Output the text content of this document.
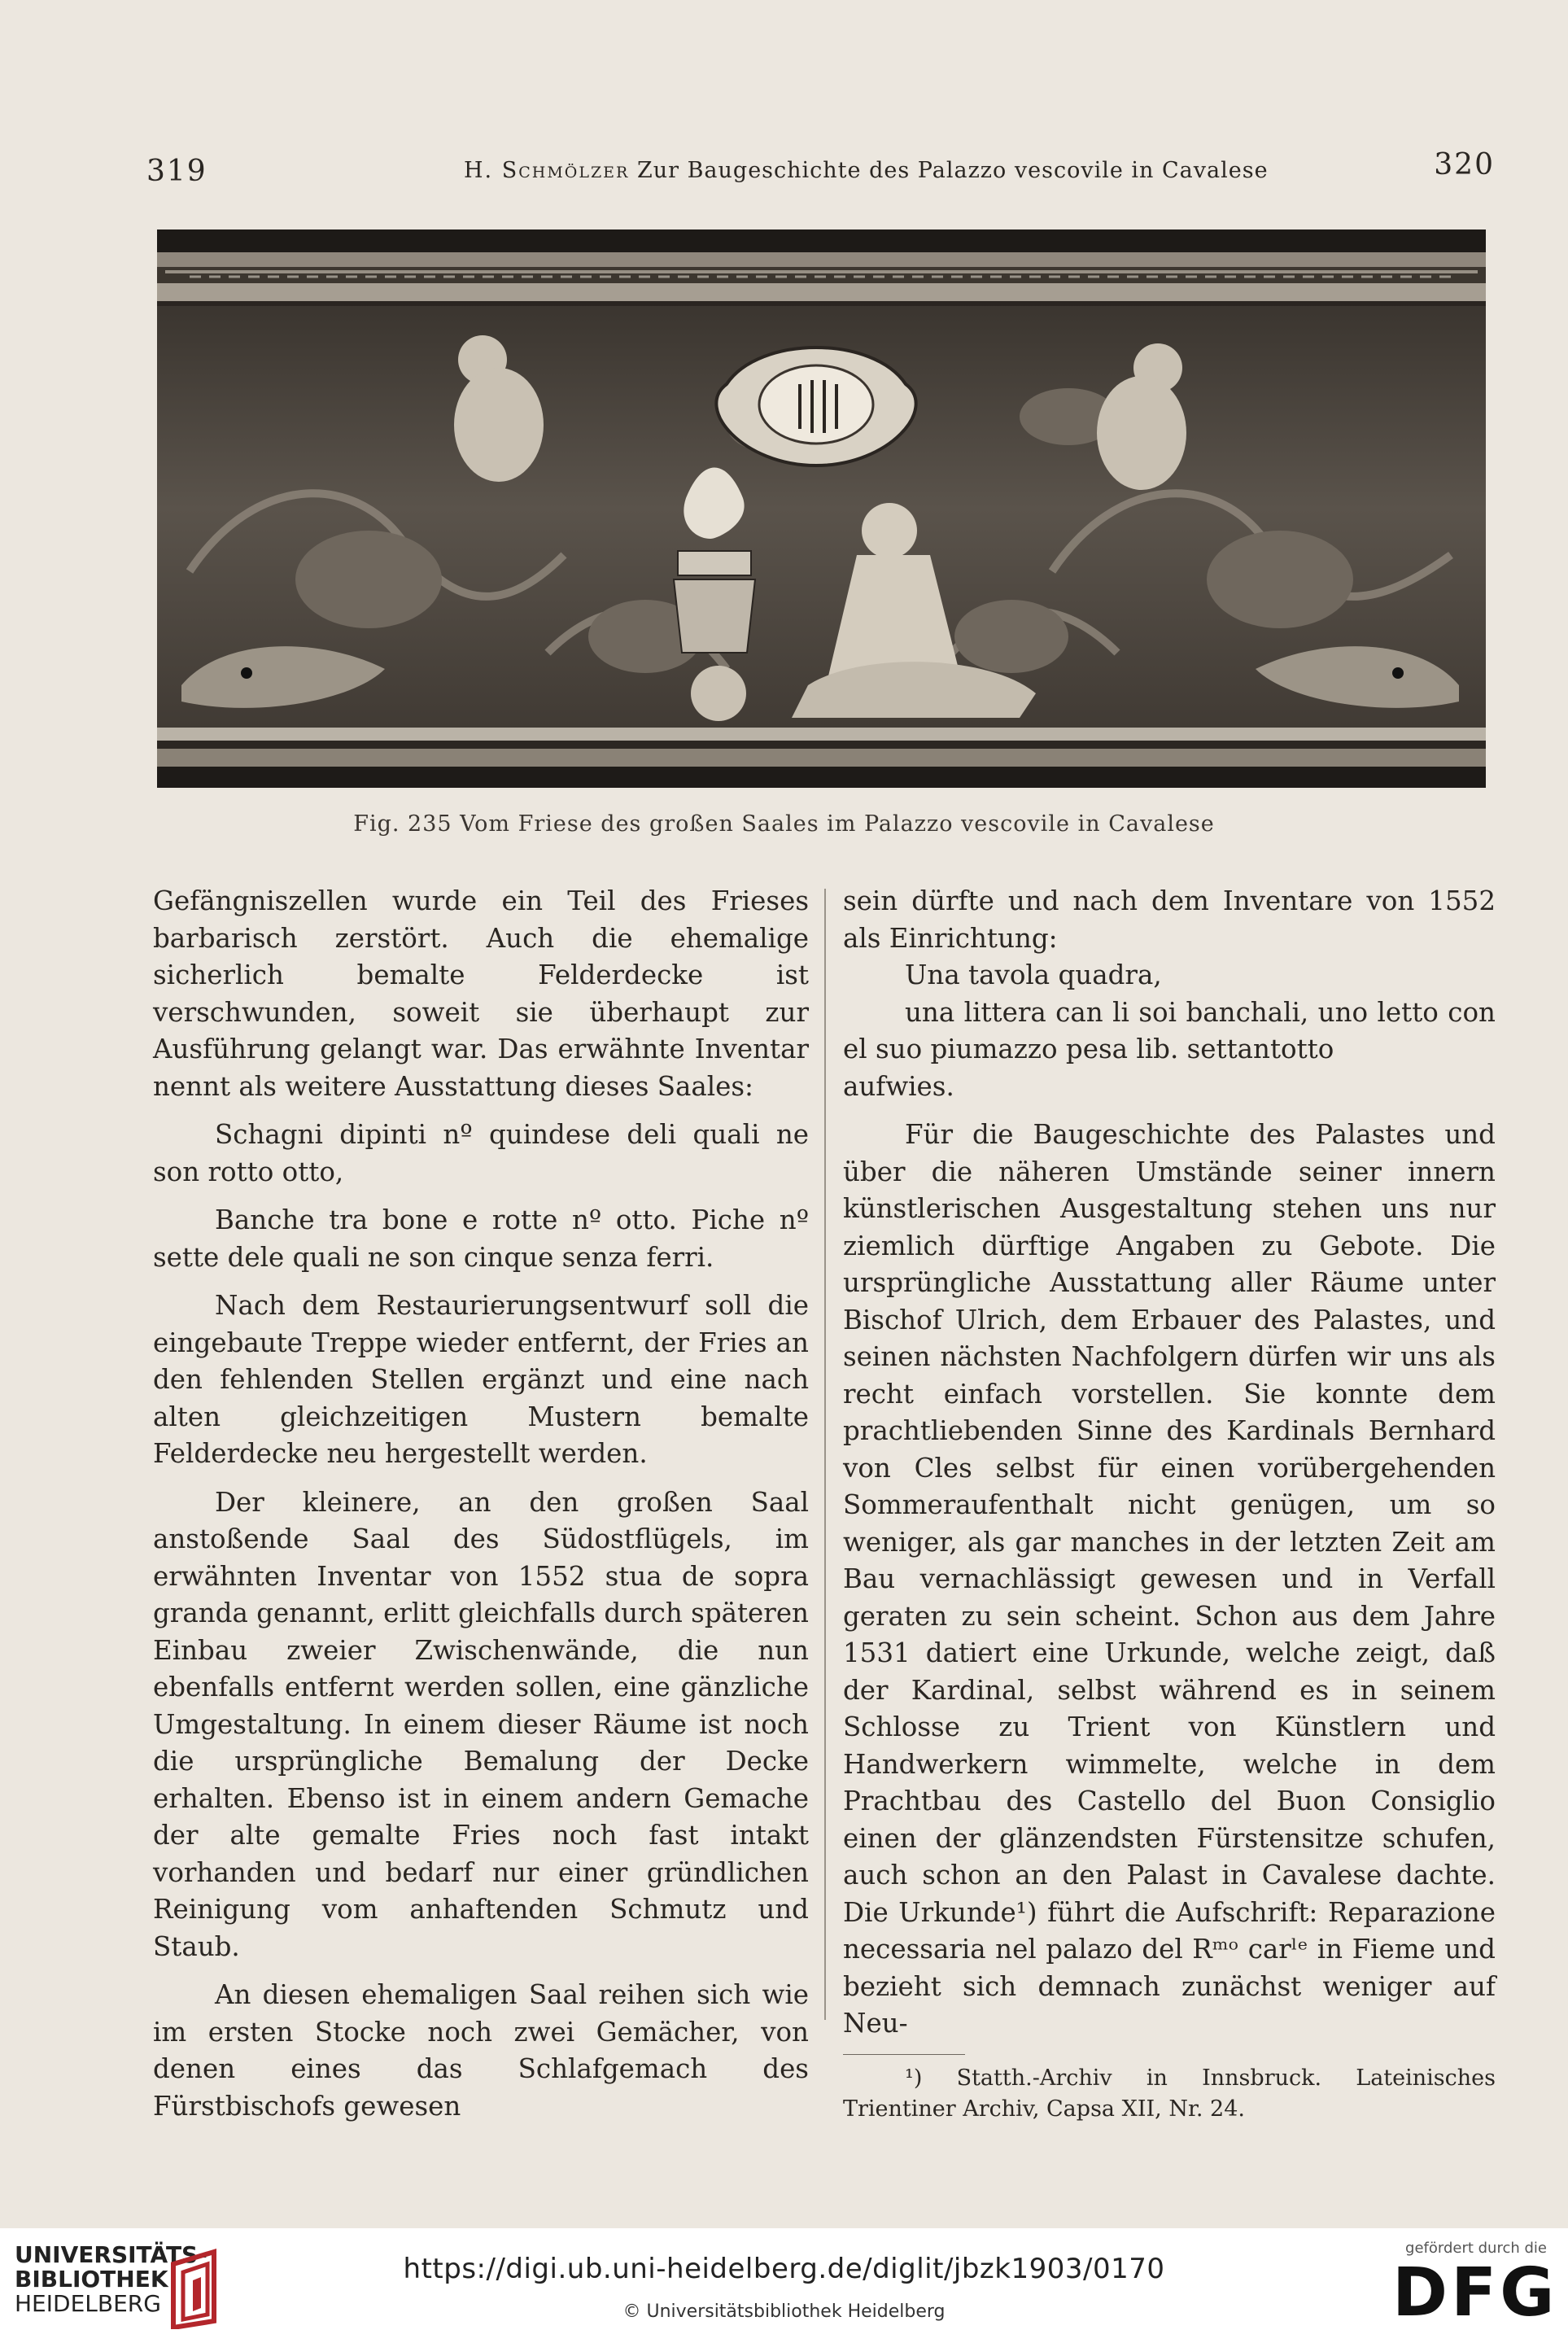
319	H. Schmölzer Zur Baugeschichte des Palazzo vescovile in Cavalese	320
Fig. 235 Vom Friese des großen Saales im Palazzo vescovile in Cavalese

Gefängniszellen wurde ein Teil des Frieses barbarisch zerstört. Auch die ehemalige sicherlich bemalte Felderdecke ist verschwunden, soweit sie überhaupt zur Ausführung gelangt war. Das erwähnte Inventar nennt als weitere Ausstattung dieses Saales:

Schagni dipinti nº quindese deli quali ne son rotto otto,

Banche tra bone e rotte nº otto. Piche nº sette dele quali ne son cinque senza ferri.

Nach dem Restaurierungsentwurf soll die eingebaute Treppe wieder entfernt, der Fries an den fehlenden Stellen ergänzt und eine nach alten gleichzeitigen Mustern bemalte Felderdecke neu hergestellt werden.

Der kleinere, an den großen Saal anstoßende Saal des Südostflügels, im erwähnten Inventar von 1552 stua de sopra granda genannt, erlitt gleichfalls durch späteren Einbau zweier Zwischenwände, die nun ebenfalls entfernt werden sollen, eine gänzliche Umgestaltung. In einem dieser Räume ist noch die ursprüngliche Bemalung der Decke erhalten. Ebenso ist in einem andern Gemache der alte gemalte Fries noch fast intakt vorhanden und bedarf nur einer gründlichen Reinigung vom anhaftenden Schmutz und Staub.

An diesen ehemaligen Saal reihen sich wie im ersten Stocke noch zwei Gemächer, von denen eines das Schlafgemach des Fürstbischofs gewesen

sein dürfte und nach dem Inventare von 1552 als Einrichtung:

Una tavola quadra,

una littera can li soi banchali, uno letto con el suo piumazzo pesa lib. settantotto

aufwies.

Für die Baugeschichte des Palastes und über die näheren Umstände seiner innern künstlerischen Ausgestaltung stehen uns nur ziemlich dürftige Angaben zu Gebote. Die ursprüngliche Ausstattung aller Räume unter Bischof Ulrich, dem Erbauer des Palastes, und seinen nächsten Nachfolgern dürfen wir uns als recht einfach vorstellen. Sie konnte dem prachtliebenden Sinne des Kardinals Bernhard von Cles selbst für einen vorübergehenden Sommeraufenthalt nicht genügen, um so weniger, als gar manches in der letzten Zeit am Bau vernachlässigt gewesen und in Verfall geraten zu sein scheint. Schon aus dem Jahre 1531 datiert eine Urkunde, welche zeigt, daß der Kardinal, selbst während es in seinem Schlosse zu Trient von Künstlern und Handwerkern wimmelte, welche in dem Prachtbau des Castello del Buon Consiglio einen der glänzendsten Fürstensitze schufen, auch schon an den Palast in Cavalese dachte. Die Urkunde¹) führt die Aufschrift: Reparazione necessaria nel palazo del Rᵐᵒ carˡᵉ in Fieme und bezieht sich demnach zunächst weniger auf Neu-

¹) Statth.-Archiv in Innsbruck. Lateinisches Trientiner Archiv, Capsa XII, Nr. 24.

UNIVERSITÄTS-
BIBLIOTHEK
HEIDELBERG
https://digi.ub.uni-heidelberg.de/diglit/jbzk1903/0170
© Universitätsbibliothek Heidelberg
gefördert durch die
DFG
